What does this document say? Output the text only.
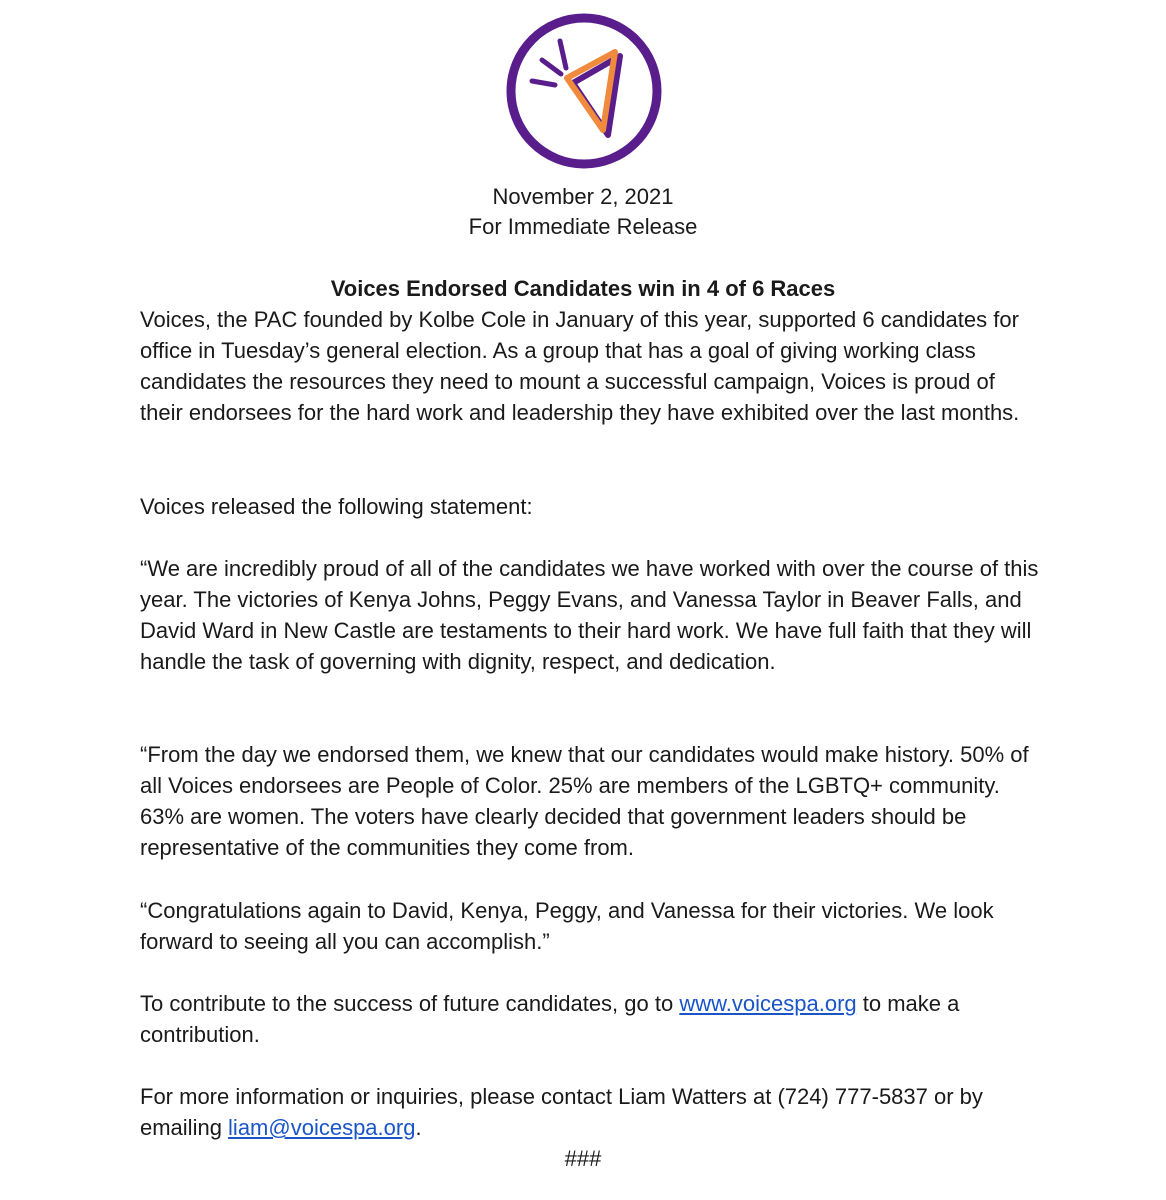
November 2, 2021
For Immediate Release
Voices Endorsed Candidates win in 4 of 6 Races

Voices, the PAC founded by Kolbe Cole in January of this year, supported 6 candidates for office in Tuesday’s general election. As a group that has a goal of giving working class candidates the resources they need to mount a successful campaign, Voices is proud of their endorsees for the hard work and leadership they have exhibited over the last months.

Voices released the following statement:

“We are incredibly proud of all of the candidates we have worked with over the course of this year. The victories of Kenya Johns, Peggy Evans, and Vanessa Taylor in Beaver Falls, and David Ward in New Castle are testaments to their hard work. We have full faith that they will handle the task of governing with dignity, respect, and dedication.

“From the day we endorsed them, we knew that our candidates would make history. 50% of all Voices endorsees are People of Color. 25% are members of the LGBTQ+ community. 63% are women. The voters have clearly decided that government leaders should be representative of the communities they come from.

“Congratulations again to David, Kenya, Peggy, and Vanessa for their victories. We look forward to seeing all you can accomplish.”

To contribute to the success of future candidates, go to www.voicespa.org to make a contribution.

For more information or inquiries, please contact Liam Watters at (724) 777-5837 or by emailing liam@voicespa.org.

###
